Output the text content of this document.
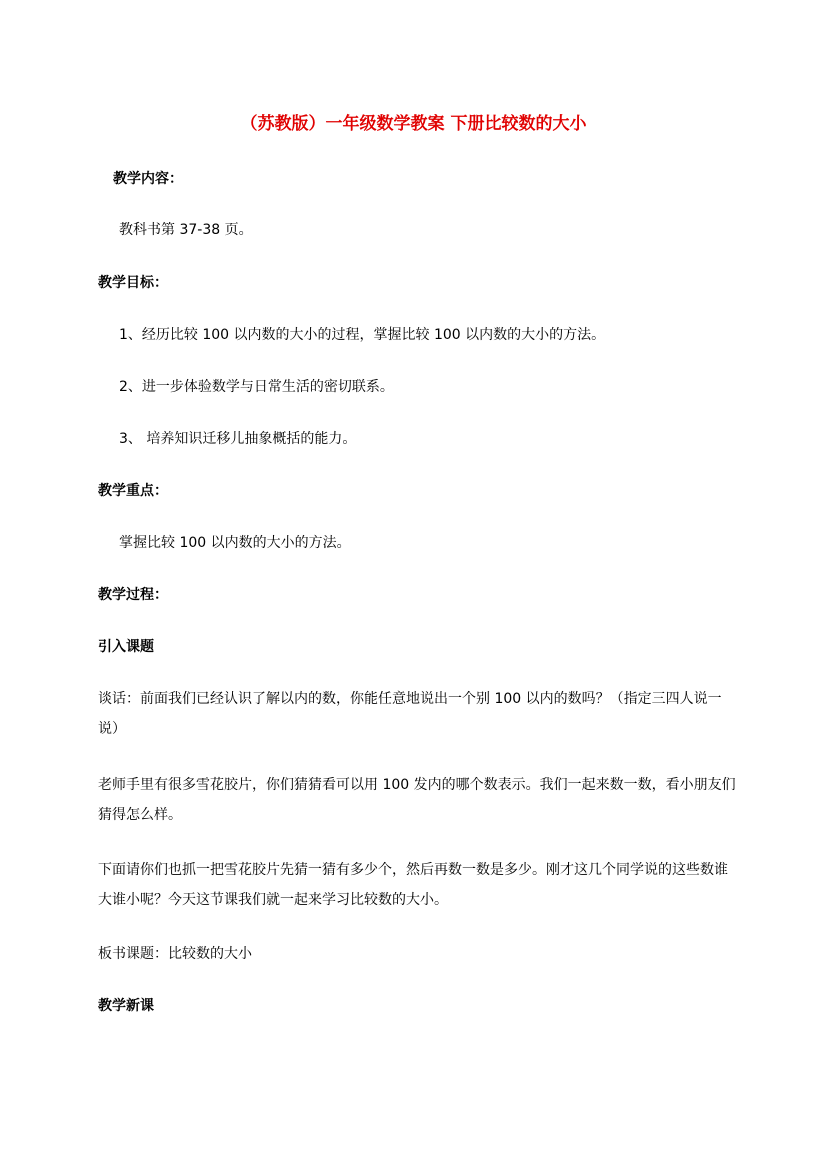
（苏教版）一年级数学教案 下册比较数的大小

教学内容：

教科书第 37-38 页。

教学目标：

1、经历比较 100 以内数的大小的过程，掌握比较 100 以内数的大小的方法。

2、进一步体验数学与日常生活的密切联系。

3、 培养知识迁移儿抽象概括的能力。

教学重点：

掌握比较 100 以内数的大小的方法。

教学过程：

引入课题

谈话：前面我们已经认识了解以内的数，你能任意地说出一个别 100 以内的数吗？（指定三四人说一说）

老师手里有很多雪花胶片，你们猜猜看可以用 100 发内的哪个数表示。我们一起来数一数，看小朋友们猜得怎么样。

下面请你们也抓一把雪花胶片先猜一猜有多少个，然后再数一数是多少。刚才这几个同学说的这些数谁大谁小呢？今天这节课我们就一起来学习比较数的大小。

板书课题：比较数的大小

教学新课
